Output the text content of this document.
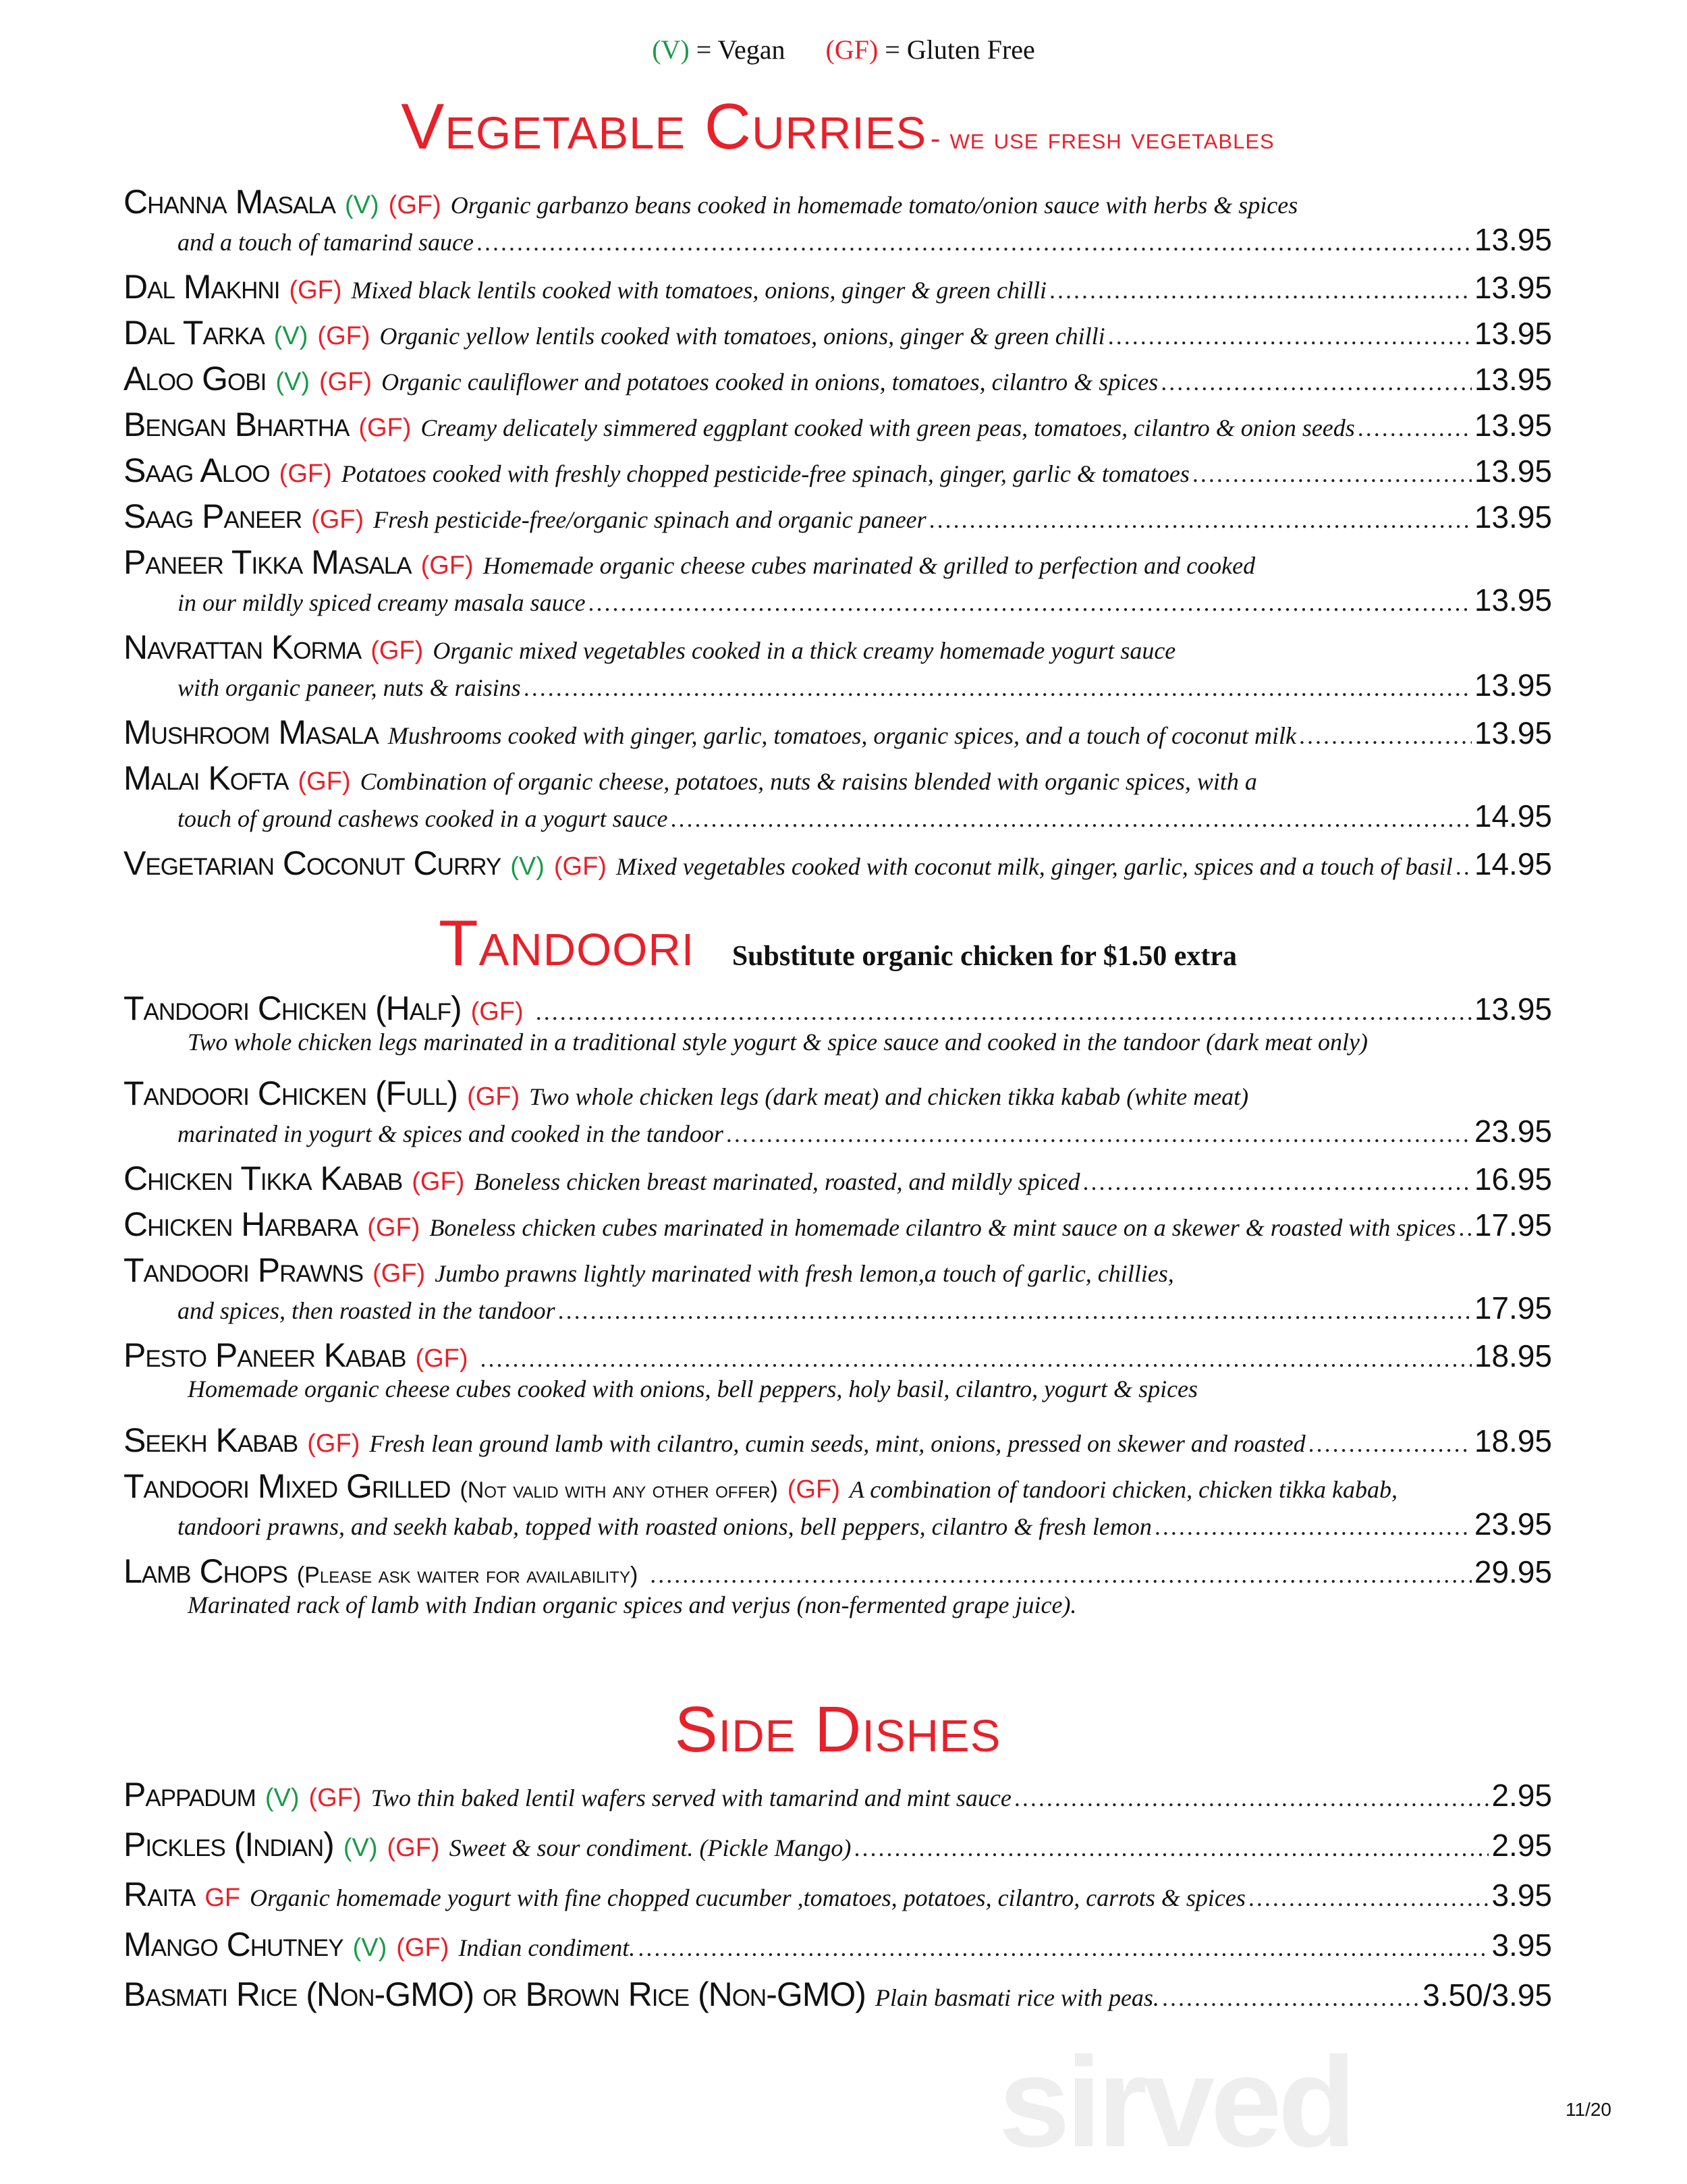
(V) = Vegan (GF) = Gluten Free
Vegetable Curries - we use fresh vegetables
Channa Masala (V) (GF) Organic garbanzo beans cooked in homemade tomato/onion sauce with herbs & spices
and a touch of tamarind sauce .....	13.95
Dal Makhni (GF) Mixed black lentils cooked with tomatoes, onions, ginger & green chilli .....	13.95
Dal Tarka (V) (GF) Organic yellow lentils cooked with tomatoes, onions, ginger & green chilli .....	13.95
Aloo Gobi (V) (GF) Organic cauliflower and potatoes cooked in onions, tomatoes, cilantro & spices .....	13.95
Bengan Bhartha (GF) Creamy delicately simmered eggplant cooked with green peas, tomatoes, cilantro & onion seeds .....	13.95
Saag Aloo (GF) Potatoes cooked with freshly chopped pesticide-free spinach, ginger, garlic & tomatoes .....	13.95
Saag Paneer (GF) Fresh pesticide-free/organic spinach and organic paneer .....	13.95
Paneer Tikka Masala (GF) Homemade organic cheese cubes marinated & grilled to perfection and cooked
in our mildly spiced creamy masala sauce .....	13.95
Navrattan Korma (GF) Organic mixed vegetables cooked in a thick creamy homemade yogurt sauce
with organic paneer, nuts & raisins .....	13.95
Mushroom Masala Mushrooms cooked with ginger, garlic, tomatoes, organic spices, and a touch of coconut milk .....	13.95
Malai Kofta (GF) Combination of organic cheese, potatoes, nuts & raisins blended with organic spices, with a
touch of ground cashews cooked in a yogurt sauce .....	14.95
Vegetarian Coconut Curry (V) (GF) Mixed vegetables cooked with coconut milk, ginger, garlic, spices and a touch of basil ..... 14.95
Tandoori Substitute organic chicken for $1.50 extra
Tandoori Chicken (Half) (GF) .....	13.95
Two whole chicken legs marinated in a traditional style yogurt & spice sauce and cooked in the tandoor (dark meat only)
Tandoori Chicken (Full) (GF) Two whole chicken legs (dark meat) and chicken tikka kabab (white meat)
marinated in yogurt & spices and cooked in the tandoor .....	23.95
Chicken Tikka Kabab (GF) Boneless chicken breast marinated, roasted, and mildly spiced .....	16.95
Chicken Harbara (GF) Boneless chicken cubes marinated in homemade cilantro & mint sauce on a skewer & roasted with spices ..... 17.95
Tandoori Prawns (GF) Jumbo prawns lightly marinated with fresh lemon,a touch of garlic, chillies,
and spices, then roasted in the tandoor .....	17.95
Pesto Paneer Kabab (GF) .....	18.95
Homemade organic cheese cubes cooked with onions, bell peppers, holy basil, cilantro, yogurt & spices
Seekh Kabab (GF) Fresh lean ground lamb with cilantro, cumin seeds, mint, onions, pressed on skewer and roasted .....	18.95
Tandoori Mixed Grilled (Not valid with any other offer) (GF) A combination of tandoori chicken, chicken tikka kabab,
tandoori prawns, and seekh kabab, topped with roasted onions, bell peppers, cilantro & fresh lemon .....	23.95
Lamb Chops (Please ask waiter for availability) .....	29.95
Marinated rack of lamb with Indian organic spices and verjus (non-fermented grape juice).
Side Dishes
Pappadum (V) (GF) Two thin baked lentil wafers served with tamarind and mint sauce .....	2.95
Pickles (Indian) (V) (GF) Sweet & sour condiment. (Pickle Mango) .....	2.95
Raita GF Organic homemade yogurt with fine chopped cucumber ,tomatoes, potatoes, cilantro, carrots & spices .....	3.95
Mango Chutney (V) (GF) Indian condiment. .....	3.95
Basmati Rice (Non-GMO) or Brown Rice (Non-GMO) Plain basmati rice with peas. .....	3.50/3.95
sirved	11/20
